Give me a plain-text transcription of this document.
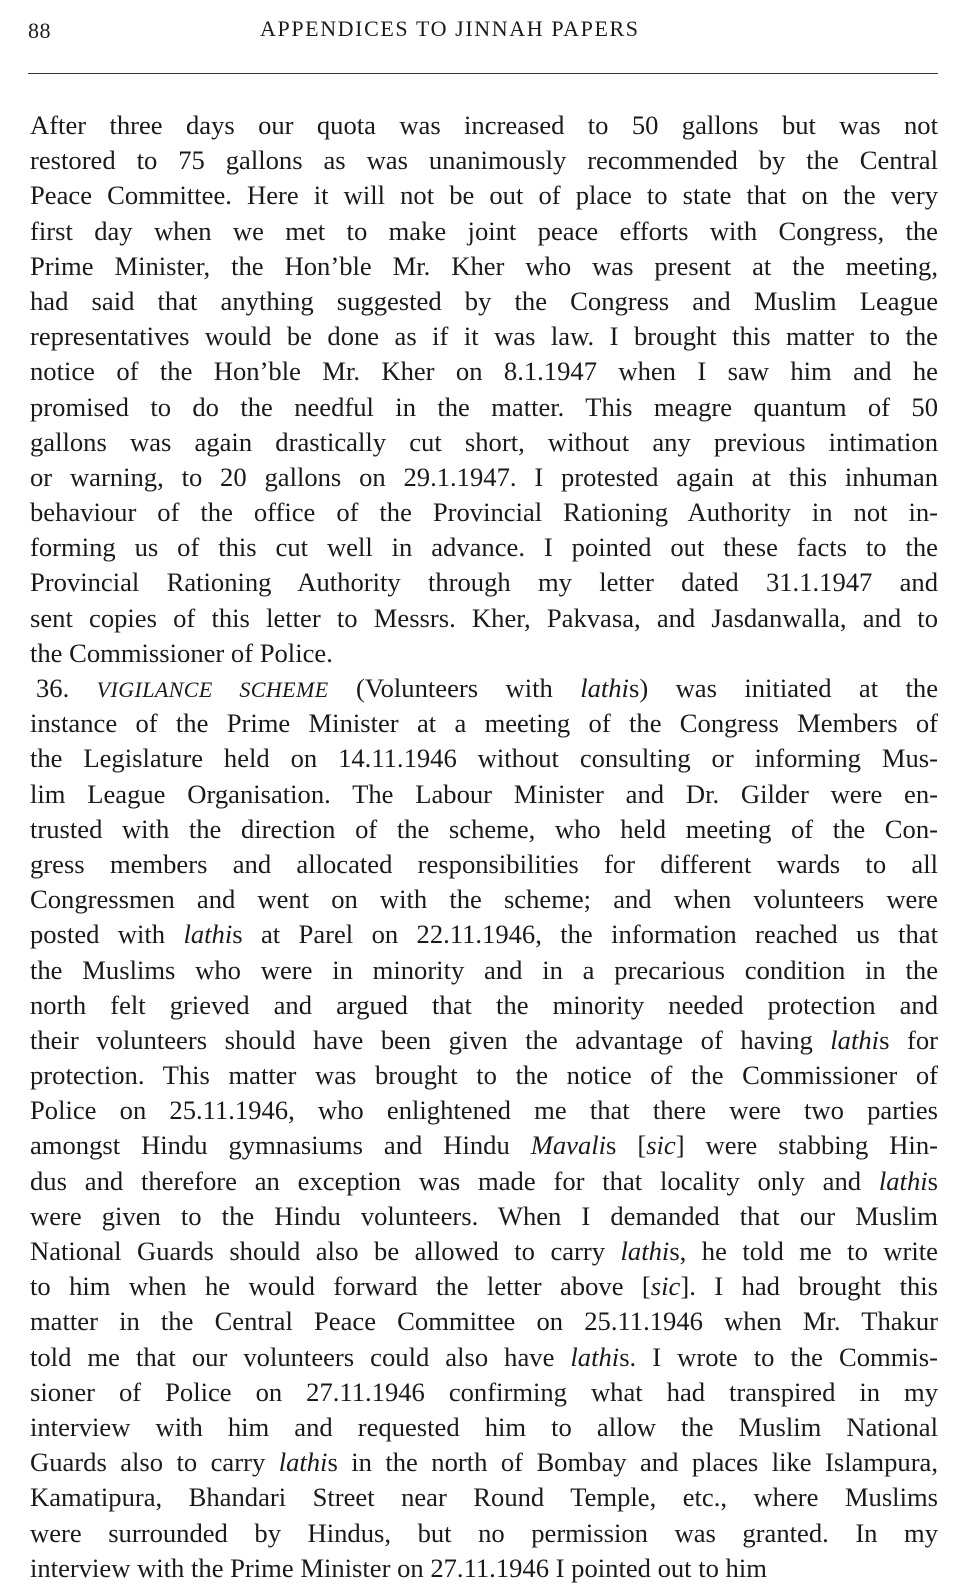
88	APPENDICES TO JINNAH PAPERS
After three days our quota was increased to 50 gallons but was not
restored to 75 gallons as was unanimously recommended by the Central
Peace Committee. Here it will not be out of place to state that on the very
first day when we met to make joint peace efforts with Congress, the
Prime Minister, the Hon’ble Mr. Kher who was present at the meeting,
had said that anything suggested by the Congress and Muslim League
representatives would be done as if it was law. I brought this matter to the
notice of the Hon’ble Mr. Kher on 8.1.1947 when I saw him and he
promised to do the needful in the matter. This meagre quantum of 50
gallons was again drastically cut short, without any previous intimation
or warning, to 20 gallons on 29.1.1947. I protested again at this inhuman
behaviour of the office of the Provincial Rationing Authority in not in-
forming us of this cut well in advance. I pointed out these facts to the
Provincial Rationing Authority through my letter dated 31.1.1947 and
sent copies of this letter to Messrs. Kher, Pakvasa, and Jasdanwalla, and to
the Commissioner of Police.
36. VIGILANCE SCHEME (Volunteers with lathis) was initiated at the
instance of the Prime Minister at a meeting of the Congress Members of
the Legislature held on 14.11.1946 without consulting or informing Mus-
lim League Organisation. The Labour Minister and Dr. Gilder were en-
trusted with the direction of the scheme, who held meeting of the Con-
gress members and allocated responsibilities for different wards to all
Congressmen and went on with the scheme; and when volunteers were
posted with lathis at Parel on 22.11.1946, the information reached us that
the Muslims who were in minority and in a precarious condition in the
north felt grieved and argued that the minority needed protection and
their volunteers should have been given the advantage of having lathis for
protection. This matter was brought to the notice of the Commissioner of
Police on 25.11.1946, who enlightened me that there were two parties
amongst Hindu gymnasiums and Hindu Mavalis [sic] were stabbing Hin-
dus and therefore an exception was made for that locality only and lathis
were given to the Hindu volunteers. When I demanded that our Muslim
National Guards should also be allowed to carry lathis, he told me to write
to him when he would forward the letter above [sic]. I had brought this
matter in the Central Peace Committee on 25.11.1946 when Mr. Thakur
told me that our volunteers could also have lathis. I wrote to the Commis-
sioner of Police on 27.11.1946 confirming what had transpired in my
interview with him and requested him to allow the Muslim National
Guards also to carry lathis in the north of Bombay and places like Islampura,
Kamatipura, Bhandari Street near Round Temple, etc., where Muslims
were surrounded by Hindus, but no permission was granted. In my
interview with the Prime Minister on 27.11.1946 I pointed out to him
